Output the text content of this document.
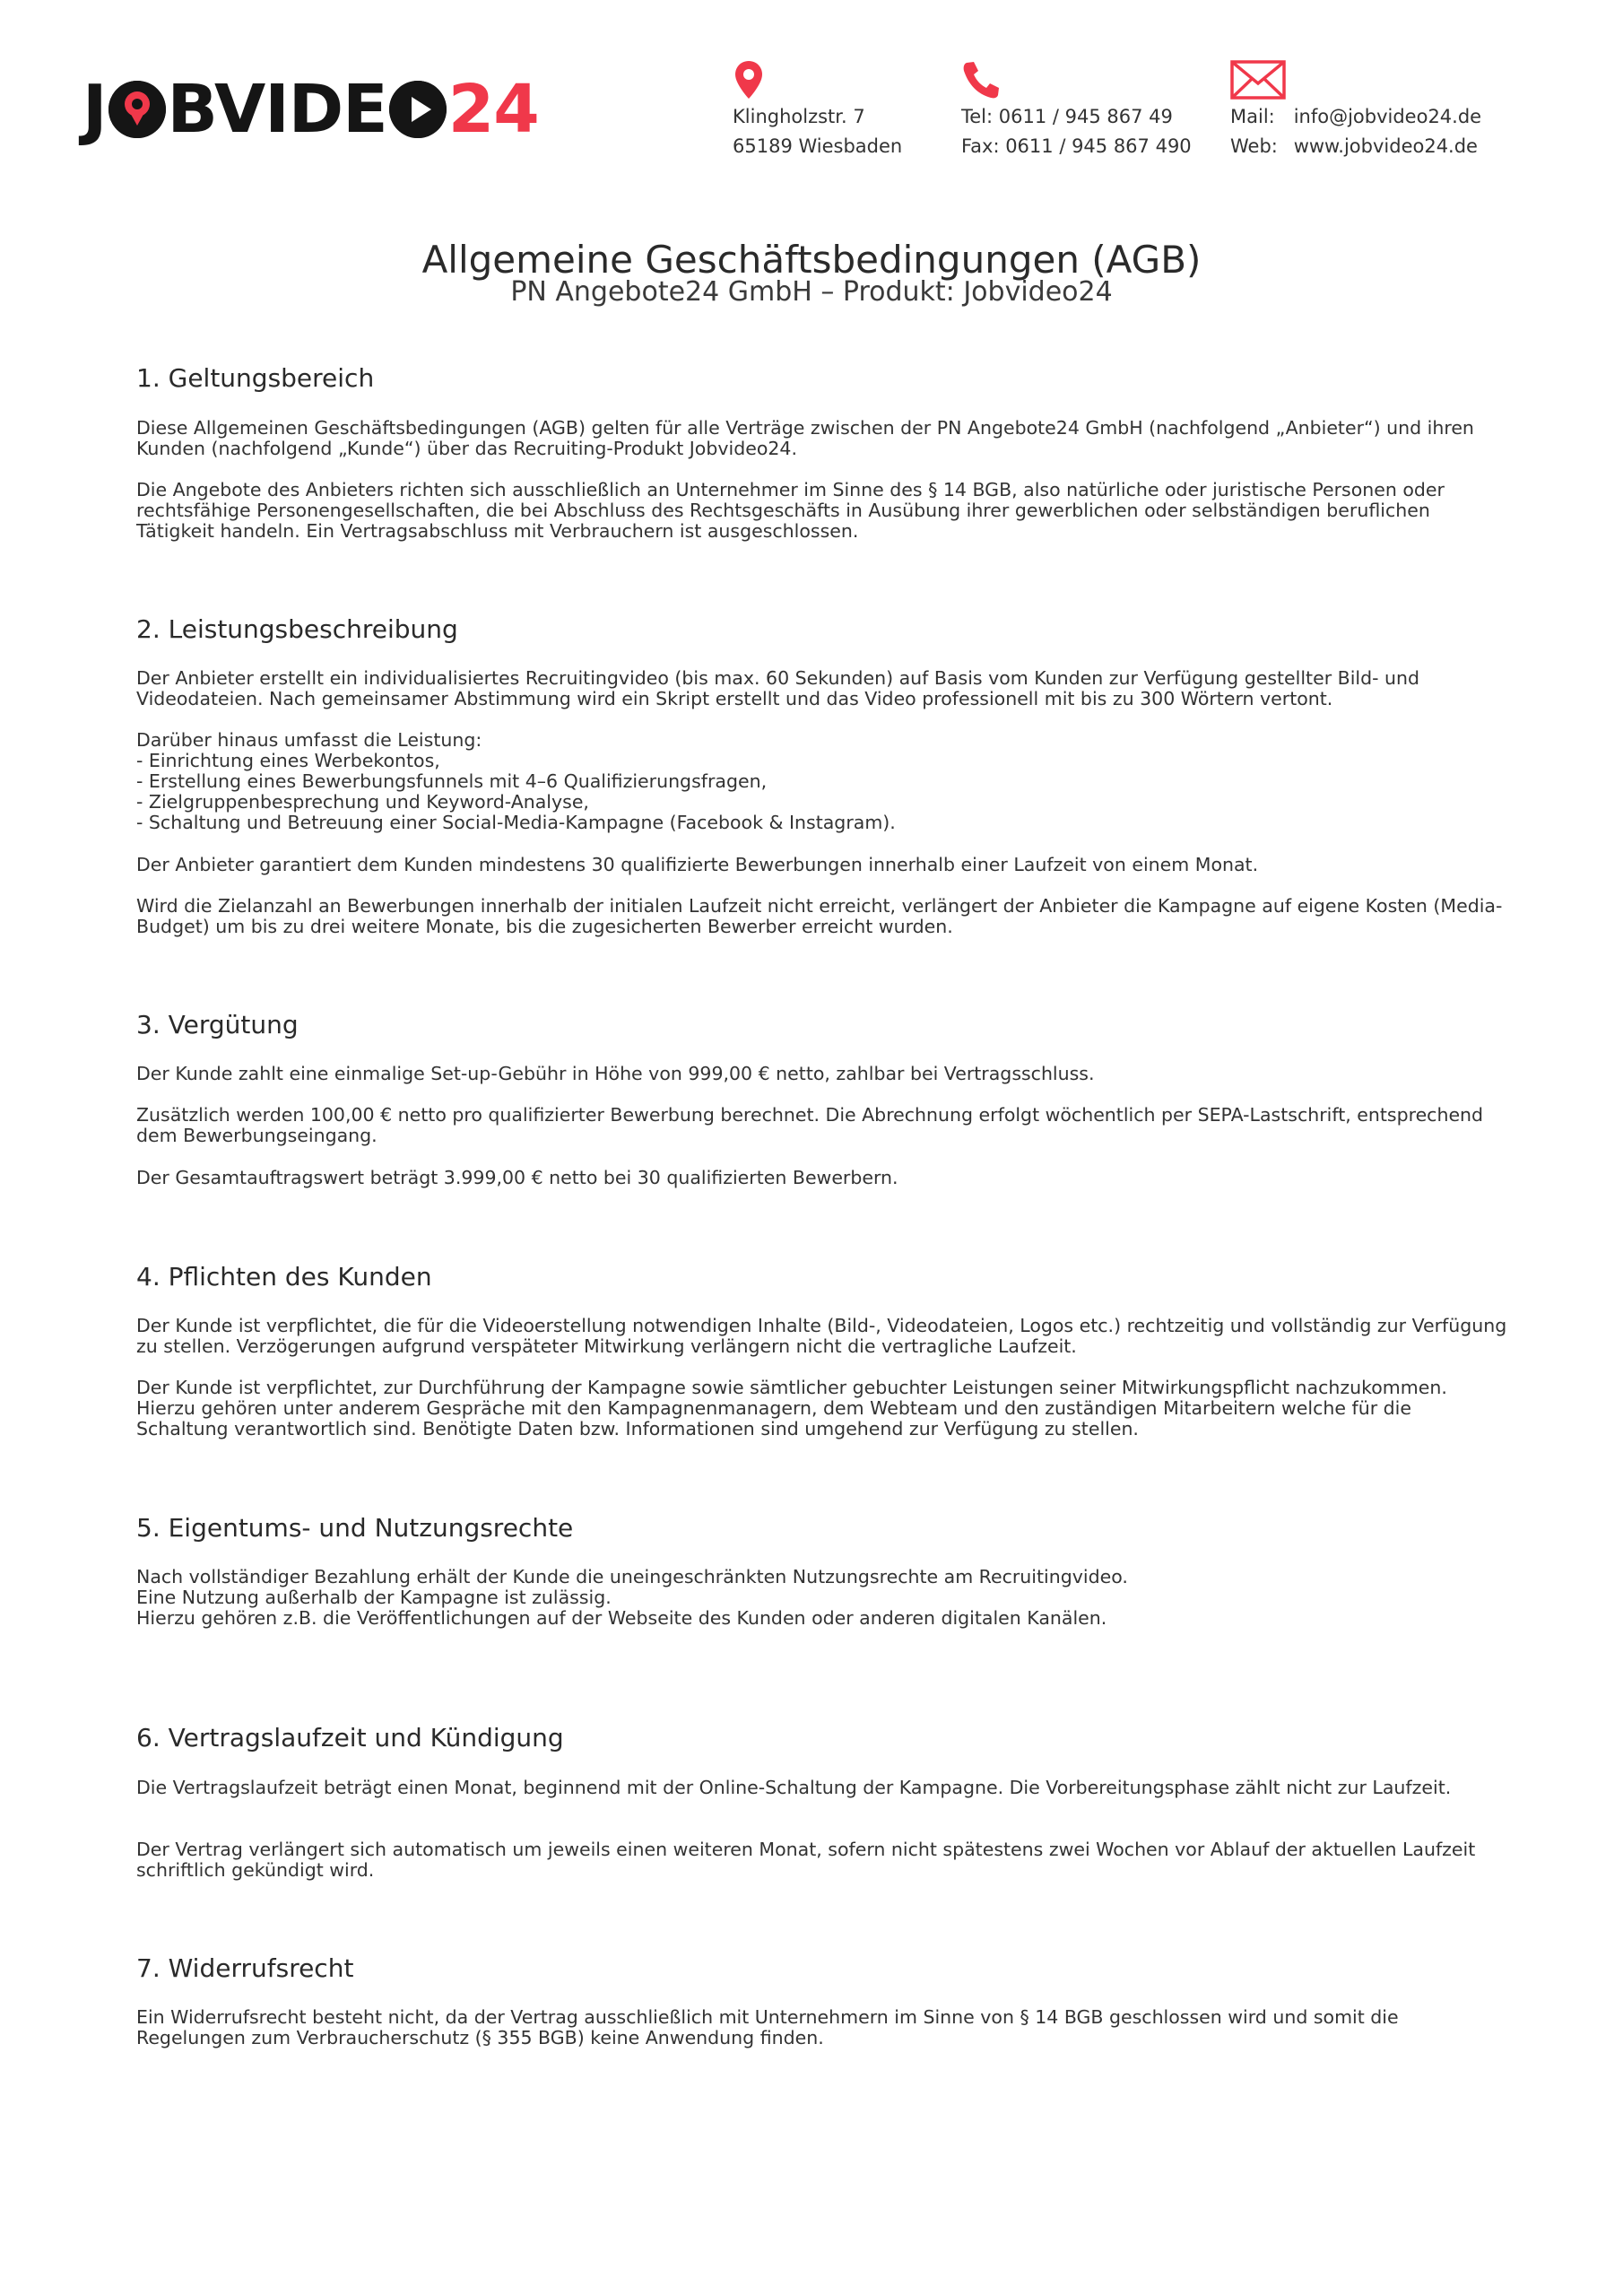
J BVIDE 24	Klingholzstr. 7
65189 Wiesbaden
Tel: 0611 / 945 867 49
Fax: 0611 / 945 867 490
Mail: info@jobvideo24.de
Web: www.jobvideo24.de
Allgemeine Geschäftsbedingungen (AGB)
PN Angebote24 GmbH – Produkt: Jobvideo24
1. Geltungsbereich
Diese Allgemeinen Geschäftsbedingungen (AGB) gelten für alle Verträge zwischen der PN Angebote24 GmbH (nachfolgend „Anbieter“) und ihren Kunden (nachfolgend „Kunde“) über das Recruiting-Produkt Jobvideo24.
Die Angebote des Anbieters richten sich ausschließlich an Unternehmer im Sinne des § 14 BGB, also natürliche oder juristische Personen oder rechtsfähige Personengesellschaften, die bei Abschluss des Rechtsgeschäfts in Ausübung ihrer gewerblichen oder selbständigen beruflichen Tätigkeit handeln. Ein Vertragsabschluss mit Verbrauchern ist ausgeschlossen.
2. Leistungsbeschreibung
Der Anbieter erstellt ein individualisiertes Recruitingvideo (bis max. 60 Sekunden) auf Basis vom Kunden zur Verfügung gestellter Bild- und Videodateien. Nach gemeinsamer Abstimmung wird ein Skript erstellt und das Video professionell mit bis zu 300 Wörtern vertont.
Darüber hinaus umfasst die Leistung:
- Einrichtung eines Werbekontos,
- Erstellung eines Bewerbungsfunnels mit 4–6 Qualifizierungsfragen,
- Zielgruppenbesprechung und Keyword-Analyse,
- Schaltung und Betreuung einer Social-Media-Kampagne (Facebook & Instagram).
Der Anbieter garantiert dem Kunden mindestens 30 qualifizierte Bewerbungen innerhalb einer Laufzeit von einem Monat.
Wird die Zielanzahl an Bewerbungen innerhalb der initialen Laufzeit nicht erreicht, verlängert der Anbieter die Kampagne auf eigene Kosten (Media-Budget) um bis zu drei weitere Monate, bis die zugesicherten Bewerber erreicht wurden.
3. Vergütung
Der Kunde zahlt eine einmalige Set-up-Gebühr in Höhe von 999,00 € netto, zahlbar bei Vertragsschluss.
Zusätzlich werden 100,00 € netto pro qualifizierter Bewerbung berechnet. Die Abrechnung erfolgt wöchentlich per SEPA-Lastschrift, entsprechend dem Bewerbungseingang.
Der Gesamtauftragswert beträgt 3.999,00 € netto bei 30 qualifizierten Bewerbern.
4. Pflichten des Kunden
Der Kunde ist verpflichtet, die für die Videoerstellung notwendigen Inhalte (Bild-, Videodateien, Logos etc.) rechtzeitig und vollständig zur Verfügung zu stellen. Verzögerungen aufgrund verspäteter Mitwirkung verlängern nicht die vertragliche Laufzeit.
Der Kunde ist verpflichtet, zur Durchführung der Kampagne sowie sämtlicher gebuchter Leistungen seiner Mitwirkungspflicht nachzukommen.
Hierzu gehören unter anderem Gespräche mit den Kampagnenmanagern, dem Webteam und den zuständigen Mitarbeitern welche für die Schaltung verantwortlich sind. Benötigte Daten bzw. Informationen sind umgehend zur Verfügung zu stellen.
5. Eigentums- und Nutzungsrechte
Nach vollständiger Bezahlung erhält der Kunde die uneingeschränkten Nutzungsrechte am Recruitingvideo.
Eine Nutzung außerhalb der Kampagne ist zulässig.
Hierzu gehören z.B. die Veröffentlichungen auf der Webseite des Kunden oder anderen digitalen Kanälen.
6. Vertragslaufzeit und Kündigung
Die Vertragslaufzeit beträgt einen Monat, beginnend mit der Online-Schaltung der Kampagne. Die Vorbereitungsphase zählt nicht zur Laufzeit.
Der Vertrag verlängert sich automatisch um jeweils einen weiteren Monat, sofern nicht spätestens zwei Wochen vor Ablauf der aktuellen Laufzeit schriftlich gekündigt wird.
7. Widerrufsrecht
Ein Widerrufsrecht besteht nicht, da der Vertrag ausschließlich mit Unternehmern im Sinne von § 14 BGB geschlossen wird und somit die Regelungen zum Verbraucherschutz (§ 355 BGB) keine Anwendung finden.
